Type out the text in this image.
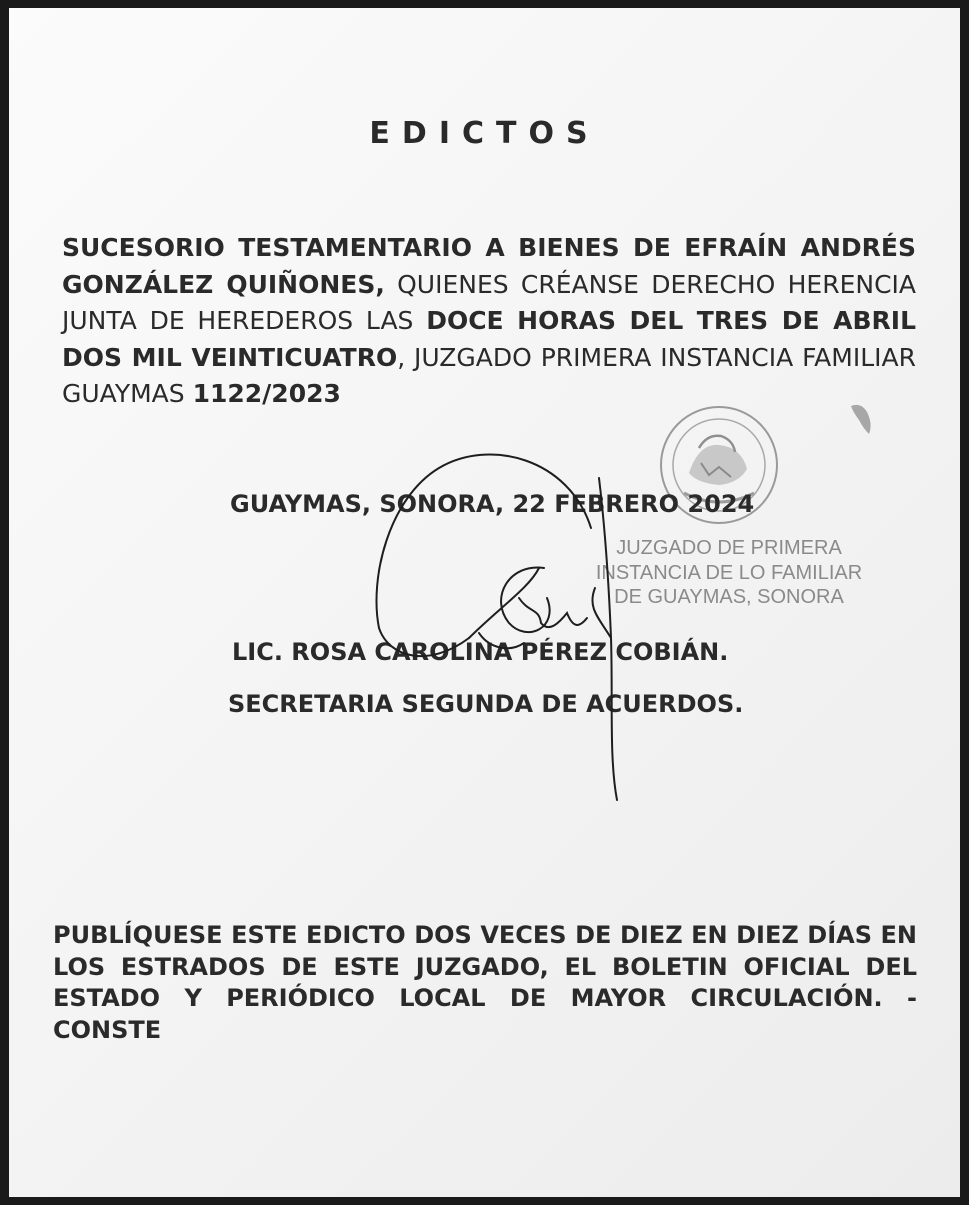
EDICTOS
SUCESORIO TESTAMENTARIO A BIENES DE EFRAÍN ANDRÉS GONZÁLEZ QUIÑONES, QUIENES CRÉANSE DERECHO HERENCIA JUNTA DE HEREDEROS LAS DOCE HORAS DEL TRES DE ABRIL DOS MIL VEINTICUATRO, JUZGADO PRIMERA INSTANCIA FAMILIAR GUAYMAS 1122/2023
JUZGADO DE PRIMERA
INSTANCIA DE LO FAMILIAR
DE GUAYMAS, SONORA
GUAYMAS, SONORA, 22 FEBRERO 2024
LIC. ROSA CAROLINA PÉREZ COBIÁN.
SECRETARIA SEGUNDA DE ACUERDOS.
PUBLÍQUESE ESTE EDICTO DOS VECES DE DIEZ EN DIEZ DÍAS EN LOS ESTRADOS DE ESTE JUZGADO, EL BOLETIN OFICIAL DEL ESTADO Y PERIÓDICO LOCAL DE MAYOR CIRCULACIÓN. - CONSTE
